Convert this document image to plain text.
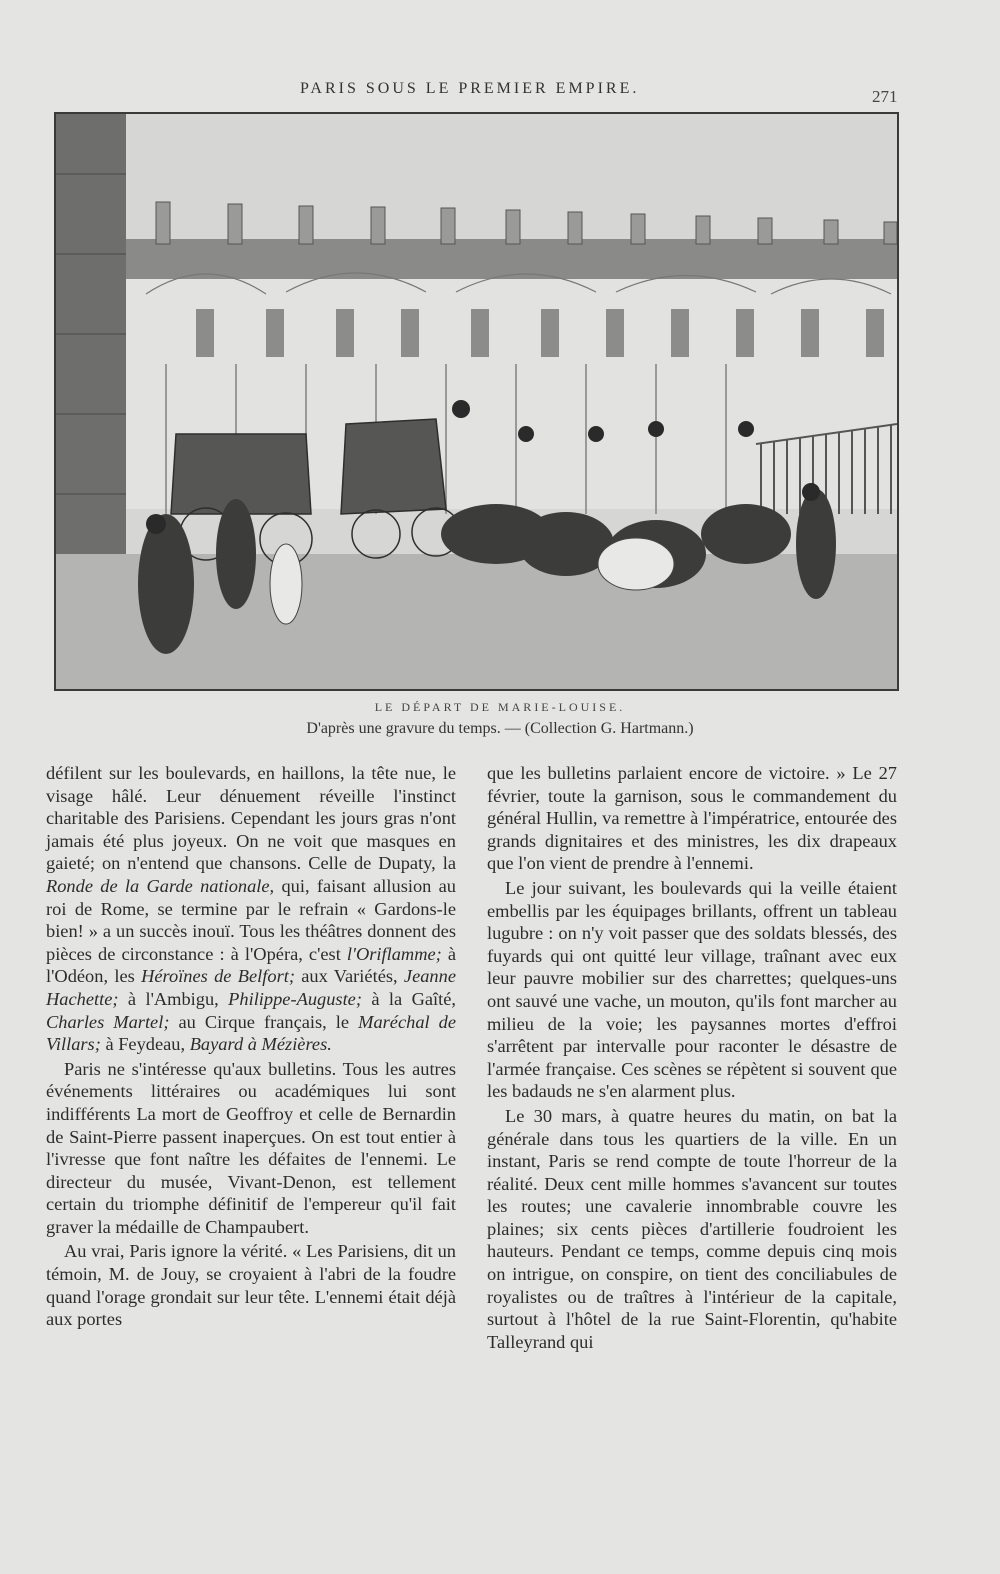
PARIS SOUS LE PREMIER EMPIRE.	271
LE DÉPART DE MARIE-LOUISE.
D'après une gravure du temps. — (Collection G. Hartmann.)

défilent sur les boulevards, en haillons, la tête nue, le visage hâlé. Leur dénuement réveille l'instinct charitable des Parisiens. Cependant les jours gras n'ont jamais été plus joyeux. On ne voit que masques en gaieté; on n'entend que chansons. Celle de Dupaty, la Ronde de la Garde nationale, qui, faisant allusion au roi de Rome, se termine par le refrain « Gardons-le bien! » a un succès inouï. Tous les théâtres donnent des pièces de circonstance : à l'Opéra, c'est l'Oriflamme; à l'Odéon, les Héroïnes de Belfort; aux Variétés, Jeanne Hachette; à l'Ambigu, Philippe-Auguste; à la Gaîté, Charles Martel; au Cirque français, le Maréchal de Villars; à Feydeau, Bayard à Mézières.

Paris ne s'intéresse qu'aux bulletins. Tous les autres événements littéraires ou académiques lui sont indifférents La mort de Geoffroy et celle de Bernardin de Saint-Pierre passent inaperçues. On est tout entier à l'ivresse que font naître les défaites de l'ennemi. Le directeur du musée, Vivant-Denon, est tellement certain du triomphe définitif de l'empereur qu'il fait graver la médaille de Champaubert.

Au vrai, Paris ignore la vérité. « Les Parisiens, dit un témoin, M. de Jouy, se croyaient à l'abri de la foudre quand l'orage grondait sur leur tête. L'ennemi était déjà aux portes

que les bulletins parlaient encore de victoire. » Le 27 février, toute la garnison, sous le commandement du général Hullin, va remettre à l'impératrice, entourée des grands dignitaires et des ministres, les dix drapeaux que l'on vient de prendre à l'ennemi.

Le jour suivant, les boulevards qui la veille étaient embellis par les équipages brillants, offrent un tableau lugubre : on n'y voit passer que des soldats blessés, des fuyards qui ont quitté leur village, traînant avec eux leur pauvre mobilier sur des charrettes; quelques-uns ont sauvé une vache, un mouton, qu'ils font marcher au milieu de la voie; les paysannes mortes d'effroi s'arrêtent par intervalle pour raconter le désastre de l'armée française. Ces scènes se répètent si souvent que les badauds ne s'en alarment plus.

Le 30 mars, à quatre heures du matin, on bat la générale dans tous les quartiers de la ville. En un instant, Paris se rend compte de toute l'horreur de la réalité. Deux cent mille hommes s'avancent sur toutes les routes; une cavalerie innombrable couvre les plaines; six cents pièces d'artillerie foudroient les hauteurs. Pendant ce temps, comme depuis cinq mois on intrigue, on conspire, on tient des conciliabules de royalistes ou de traîtres à l'intérieur de la capitale, surtout à l'hôtel de la rue Saint-Florentin, qu'habite Talleyrand qui
